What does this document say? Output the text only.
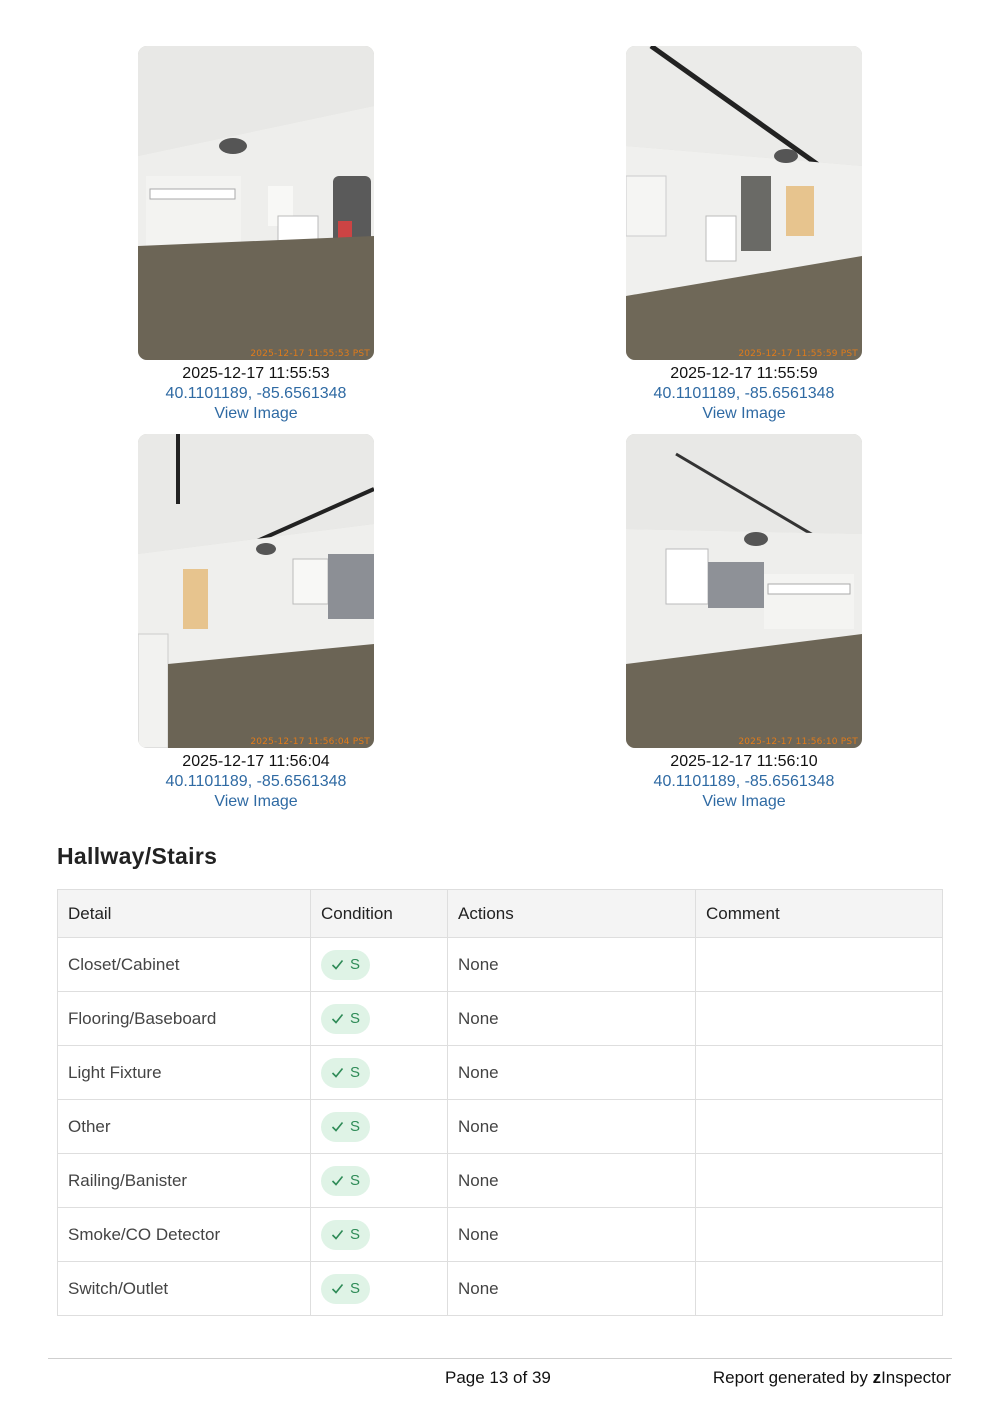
2025-12-17 11:55:53 PST
2025-12-17 11:55:53
40.1101189, -85.6561348
View Image
2025-12-17 11:55:59 PST
2025-12-17 11:55:59
40.1101189, -85.6561348
View Image
2025-12-17 11:56:04 PST
2025-12-17 11:56:04
40.1101189, -85.6561348
View Image
2025-12-17 11:56:10 PST
2025-12-17 11:56:10
40.1101189, -85.6561348
View Image
Hallway/Stairs
Detail	Condition	Actions	Comment
Closet/Cabinet	S	None	
Flooring/Baseboard	S	None	
Light Fixture	S	None	
Other	S	None	
Railing/Banister	S	None	
Smoke/CO Detector	S	None	
Switch/Outlet	S	None	
Page 13 of 39	Report generated by zInspector
